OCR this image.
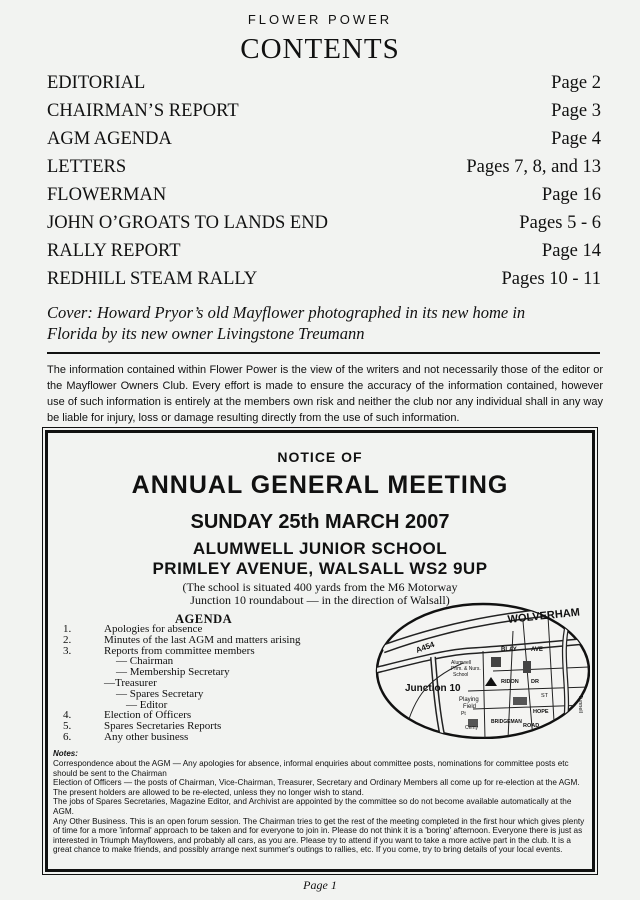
FLOWER POWER
CONTENTS
EDITORIAL	Page 2
CHAIRMAN’S REPORT	Page 3
AGM AGENDA	Page 4
LETTERS	Pages 7, 8, and 13
FLOWERMAN	Page 16
JOHN O’GROATS TO LANDS END	Pages 5 - 6
RALLY REPORT	Page 14
REDHILL STEAM RALLY	Pages 10 - 11
Cover: Howard Pryor’s old Mayflower photographed in its new home in
Florida by its new owner Livingstone Treumann
The information contained within Flower Power is the view of the writers and not necessarily those of the editor or the Mayflower Owners Club. Every effort is made to ensure the accuracy of the information contained, however use of such information is entirely at the members own risk and neither the club nor any individual shall in any way be liable for injury, loss or damage resulting directly from the use of such information.
NOTICE OF
ANNUAL GENERAL MEETING
SUNDAY 25th MARCH 2007
ALUMWELL JUNIOR SCHOOL
PRIMLEY AVENUE, WALSALL WS2 9UP
(The school is situated 400 yards from the M6 Motorway
Junction 10 roundabout — in the direction of Walsall)
AGENDA
1.	Apologies for absence
2.	Minutes of the last AGM and matters arising
3.	Reports from committee members
— Chairman
— Membership Secretary
—Treasurer
— Spares Secretary
— Editor
4.	Election of Officers
5.	Spares Secretaries Reports
6.	Any other business
WOLVERHAM
A454
Alumwell
Prim. & Nurs.
School
Junction 10
Playing
Field
BLAY AVE
RIDON DR
ST
HOPE
Cemy
Tunnell
BRIDGEMAN
Pt
ROAD
Notes:

Correspondence about the AGM — Any apologies for absence, informal enquiries about committee posts, nominations for committee posts etc should be sent to the Chairman

Election of Officers — the posts of Chairman, Vice-Chairman, Treasurer, Secretary and Ordinary Members all come up for re-election at the AGM. The present holders are allowed to be re-elected, unless they no longer wish to stand.

The jobs of Spares Secretaries, Magazine Editor, and Archivist are appointed by the committee so do not become available automatically at the AGM.

Any Other Business. This is an open forum session. The Chairman tries to get the rest of the meeting completed in the first hour which gives plenty of time for a more 'informal' approach to be taken and for everyone to join in. Please do not think it is a 'boring' afternoon. Everyone there is just as interested in Triumph Mayflowers, and probably all cars, as you are. Please try to attend if you want to take a more active part in the club. It is a great chance to make friends, and possibly arrange next summer's outings to rallies, etc. If you come, try to bring details of your local events.

Page 1
